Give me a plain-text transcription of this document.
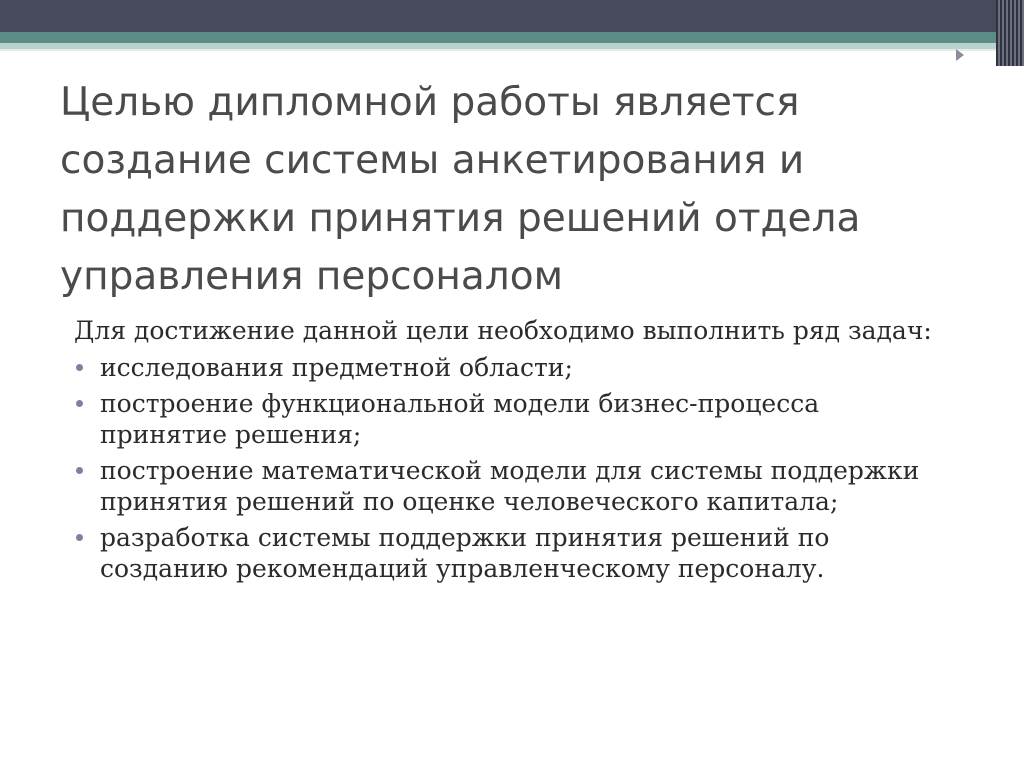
Целью дипломной работы является создание системы анкетирования и поддержки принятия решений отдела управления персоналом

Для достижение данной цели необходимо выполнить ряд задач:

исследования предметной области;
построение функциональной модели бизнес-процесса принятие решения;
построение математической модели для системы поддержки принятия решений по оценке человеческого капитала;
разработка системы поддержки принятия решений по созданию рекомендаций управленческому персоналу.
